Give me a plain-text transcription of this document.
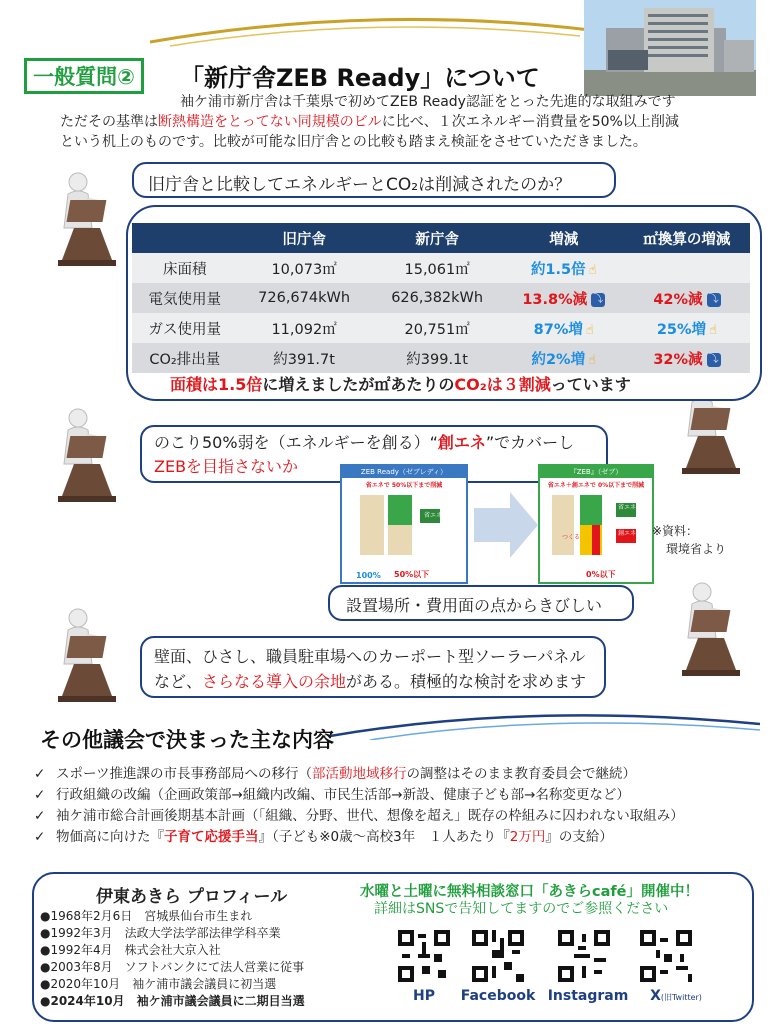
一般質問②	「新庁舎ZEB Ready」について
袖ケ浦市新庁舎は千葉県で初めてZEB Ready認証をとった先進的な取組みです
ただその基準は断熱構造をとってない同規模のビルに比べ、１次エネルギー消費量を50%以上削減
という机上のものです。比較が可能な旧庁舎との比較も踏まえ検証をさせていただきました。
旧庁舎と比較してエネルギーとCO₂は削減されたのか？
	旧庁舎	新庁舎	増減	㎡換算の増減
床面積	10,073㎡	15,061㎡	約1.5倍 ☝	
電気使用量	726,674kWh	626,382kWh	13.8%減 ⤵	42%減 ⤵
ガス使用量	11,092㎡	20,751㎡	87%増 ☝	25%増 ☝
CO₂排出量	約391.7t	約399.1t	約2%増 ☝	32%減 ⤵
面積は1.5倍に増えましたが㎡あたりのCO₂は３割減っています
のこり50%弱を（エネルギーを創る）“創エネ”でカバーし
ZEBを目指さないか	ZEB Ready（ゼブレディ）
省エネで 50%以下まで削減
省エネ
100% 50%以下
『ZEB』（ゼブ）
省エネ＋創エネで 0%以下まで削減
省エネ
創エネ
つくる
0%以下
※資料：
環境省より
設置場所・費用面の点からきびしい
壁面、ひさし、職員駐車場へのカーポート型ソーラーパネル
など、さらなる導入の余地がある。積極的な検討を求めます
その他議会で決まった主な内容
✓ スポーツ推進課の市長事務部局への移行（部活動地域移行の調整はそのまま教育委員会で継続）
✓ 行政組織の改編（企画政策部→組織内改編、市民生活部→新設、健康子ども部→名称変更など）
✓ 袖ケ浦市総合計画後期基本計画（「組織、分野、世代、想像を超え」既存の枠組みに囚われない取組み）
✓ 物価高に向けた『子育て応援手当』（子ども※0歳～高校3年　１人あたり『2万円』の支給）
伊東あきら プロフィール
●1968年2月6日　宮城県仙台市生まれ
●1992年3月　法政大学法学部法律学科卒業
●1992年4月　株式会社大京入社
●2003年8月　ソフトバンクにて法人営業に従事
●2020年10月　袖ケ浦市議会議員に初当選
●2024年10月　袖ケ浦市議会議員に二期目当選
水曜と土曜に無料相談窓口「あきらcafé」開催中！
詳細はSNSで告知してますのでご参照ください
HP	Facebook Instagram	X(旧Twitter)
